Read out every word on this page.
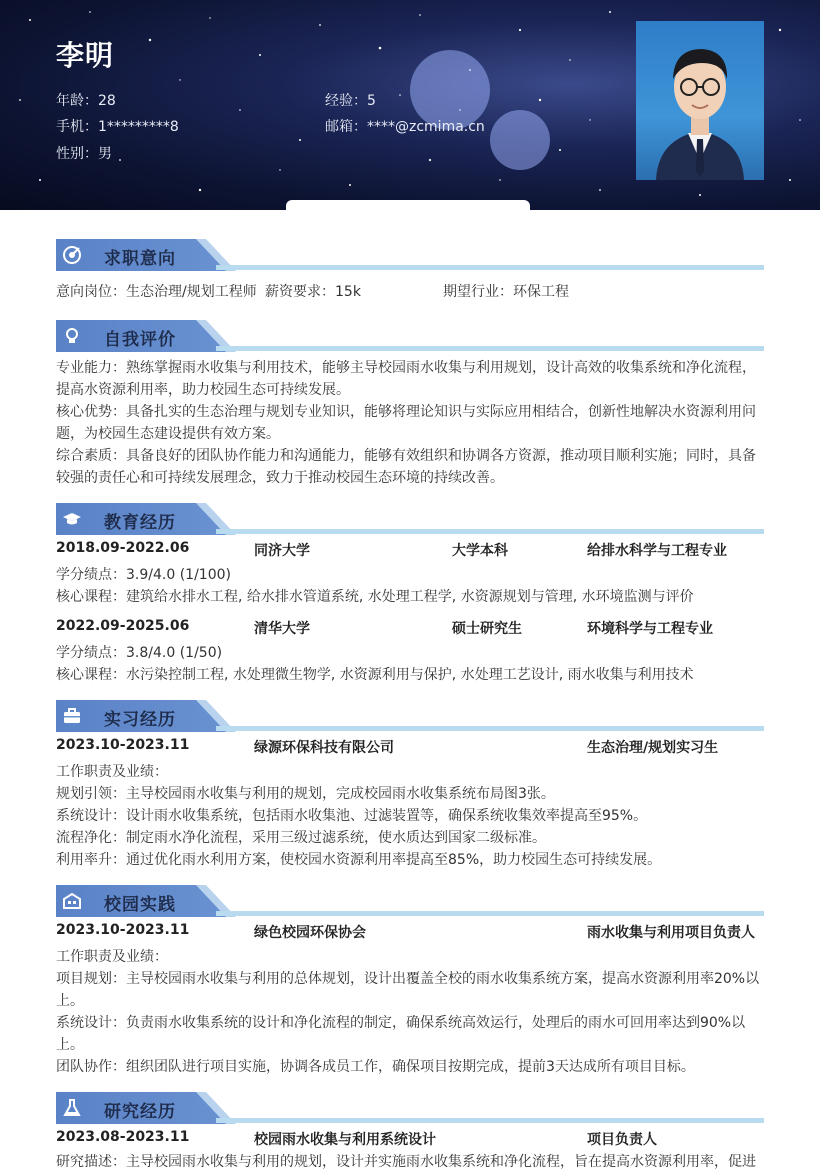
李明
年龄：28	经验：5
手机：1*********8	邮箱：****@zcmima.cn
性别：男
求职意向
意向岗位：生态治理/规划工程师 薪资要求：15k	期望行业：环保工程
自我评价
专业能力：熟练掌握雨水收集与利用技术，能够主导校园雨水收集与利用规划，设计高效的收集系统和净化流程，提高水资源利用率，助力校园生态可持续发展。
核心优势：具备扎实的生态治理与规划专业知识，能够将理论知识与实际应用相结合，创新性地解决水资源利用问题，为校园生态建设提供有效方案。
综合素质：具备良好的团队协作能力和沟通能力，能够有效组织和协调各方资源，推动项目顺利实施；同时，具备较强的责任心和可持续发展理念，致力于推动校园生态环境的持续改善。
教育经历
2018.09-2022.06	同济大学	大学本科	给排水科学与工程专业
学分绩点：3.9/4.0 (1/100)
核心课程：建筑给水排水工程, 给水排水管道系统, 水处理工程学, 水资源规划与管理, 水环境监测与评价
2022.09-2025.06	清华大学	硕士研究生	环境科学与工程专业
学分绩点：3.8/4.0 (1/50)
核心课程：水污染控制工程, 水处理微生物学, 水资源利用与保护, 水处理工艺设计, 雨水收集与利用技术
实习经历
2023.10-2023.11	绿源环保科技有限公司	生态治理/规划实习生
工作职责及业绩：
规划引领：主导校园雨水收集与利用的规划，完成校园雨水收集系统布局图3张。
系统设计：设计雨水收集系统，包括雨水收集池、过滤装置等，确保系统收集效率提高至95%。
流程净化：制定雨水净化流程，采用三级过滤系统，使水质达到国家二级标准。
利用率升：通过优化雨水利用方案，使校园水资源利用率提高至85%，助力校园生态可持续发展。
校园实践
2023.10-2023.11	绿色校园环保协会	雨水收集与利用项目负责人
工作职责及业绩：
项目规划：主导校园雨水收集与利用的总体规划，设计出覆盖全校的雨水收集系统方案，提高水资源利用率20%以上。
系统设计：负责雨水收集系统的设计和净化流程的制定，确保系统高效运行，处理后的雨水可回用率达到90%以上。
团队协作：组织团队进行项目实施，协调各成员工作，确保项目按期完成，提前3天达成所有项目目标。
研究经历
2023.08-2023.11	校园雨水收集与利用系统设计	项目负责人
研究描述：主导校园雨水收集与利用的规划，设计并实施雨水收集系统和净化流程，旨在提高水资源利用率，促进
